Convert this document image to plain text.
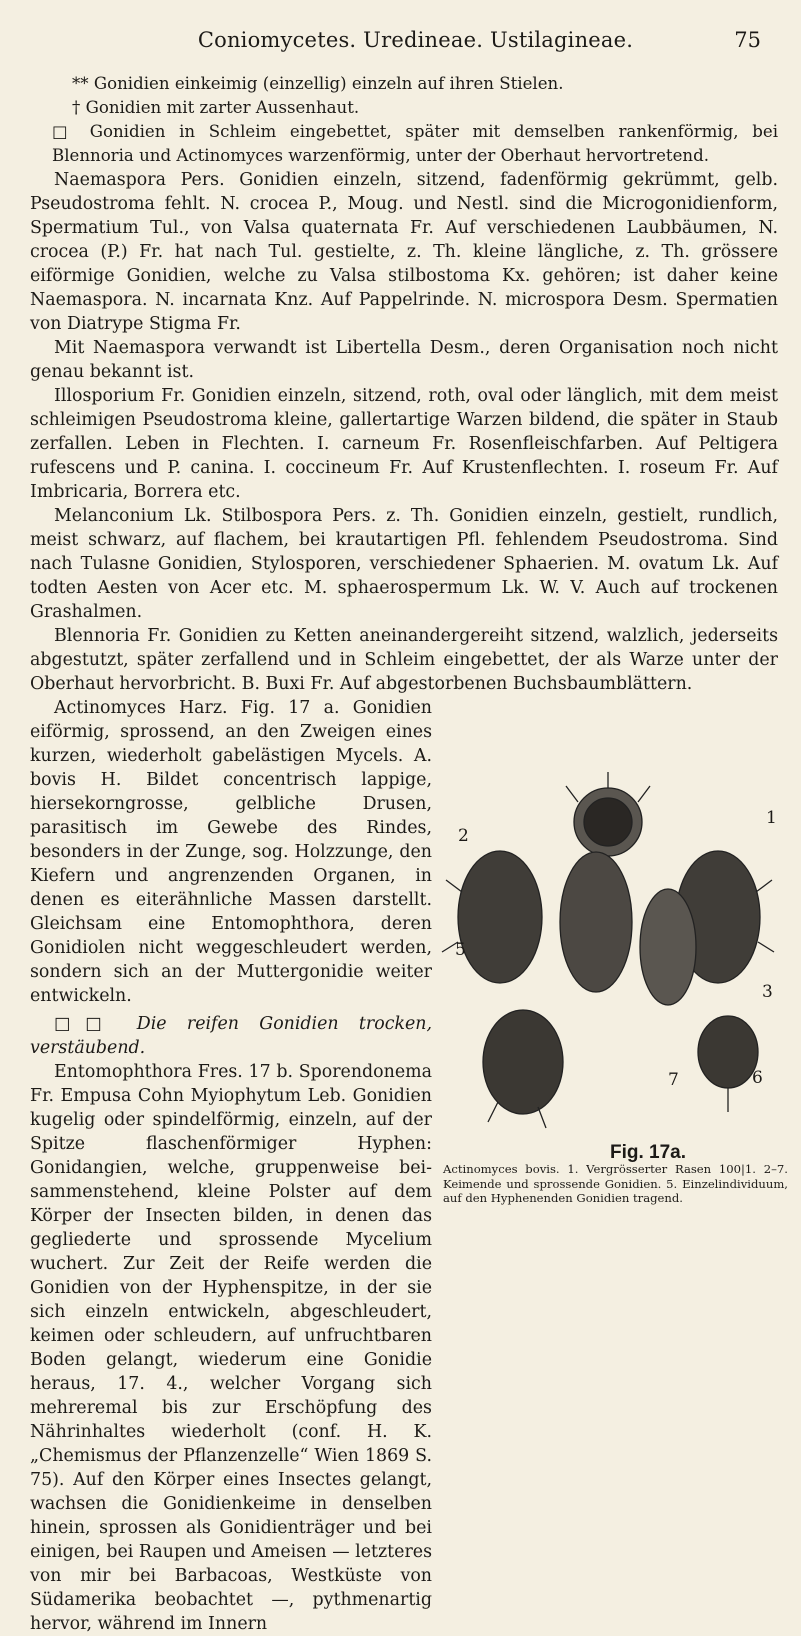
Coniomycetes. Uredineae. Ustilagineae.	75

** Gonidien einkeimig (einzellig) einzeln auf ihren Stielen.

† Gonidien mit zarter Aussenhaut.

□ Gonidien in Schleim eingebettet, später mit demselben rankenförmig, bei Blennoria und Actinomyces warzenförmig, unter der Oberhaut hervortretend.

Naemaspora Pers. Gonidien einzeln, sitzend, fadenförmig gekrümmt, gelb. Pseudostroma fehlt. N. crocea P., Moug. und Nestl. sind die Microgonidienform, Spermatium Tul., von Valsa quaternata Fr. Auf verschiedenen Laubbäumen, N. crocea (P.) Fr. hat nach Tul. gestielte, z. Th. kleine längliche, z. Th. grössere eiförmige Gonidien, welche zu Valsa stilbostoma Kx. gehören; ist daher keine Naemaspora. N. incarnata Knz. Auf Pappelrinde. N. microspora Desm. Spermatien von Diatrype Stigma Fr.

Mit Naemaspora verwandt ist Libertella Desm., deren Organisation noch nicht genau bekannt ist.

Illosporium Fr. Gonidien einzeln, sitzend, roth, oval oder länglich, mit dem meist schleimigen Pseudostroma kleine, gallertartige Warzen bildend, die später in Staub zerfallen. Leben in Flechten. I. carneum Fr. Rosenfleischfarben. Auf Peltigera rufescens und P. canina. I. coccineum Fr. Auf Krustenflechten. I. roseum Fr. Auf Imbricaria, Borrera etc.

Melanconium Lk. Stilbospora Pers. z. Th. Gonidien einzeln, gestielt, rundlich, meist schwarz, auf flachem, bei krautartigen Pfl. fehlendem Pseudostroma. Sind nach Tulasne Gonidien, Stylosporen, verschiedener Sphaerien. M. ovatum Lk. Auf todten Aesten von Acer etc. M. sphaerospermum Lk. W. V. Auch auf trockenen Grashalmen.

Blennoria Fr. Gonidien zu Ketten aneinandergereiht sitzend, walzlich, jederseits abgestutzt, später zerfallend und in Schleim eingebettet, der als Warze unter der Oberhaut hervorbricht. B. Buxi Fr. Auf abgestorbenen Buchsbaumblättern.

Actinomyces Harz. Fig. 17 a. Gonidien eiförmig, sprossend, an den Zweigen eines kurzen, wiederholt gabelästigen Mycels. A. bovis H. Bildet concentrisch lappige, hiersekorngrosse, gelbliche Drusen, parasitisch im Gewebe des Rindes, besonders in der Zunge, sog. Holzzunge, den Kiefern und angrenzenden Organen, in denen es eiterähnliche Massen darstellt. Gleichsam eine Entomophthora, deren Gonidiolen nicht weggeschleudert werden, sondern sich an der Muttergonidie weiter entwickeln.

□□ Die reifen Gonidien trocken, verstäubend.

Entomophthora Fres. 17 b. Sporendonema Fr. Empusa Cohn Myiophytum Leb. Gonidien kugelig oder spindelförmig, einzeln, auf der Spitze flaschenförmiger Hyphen: Gonidangien, welche, gruppenweise bei- sammenstehend, kleine Polster auf dem Körper der Insecten bilden, in denen das gegliederte und sprossende Mycelium wuchert. Zur Zeit der Reife werden die Gonidien von der Hyphenspitze, in der sie sich einzeln entwickeln, abgeschleudert, keimen oder schleudern, auf unfruchtbaren Boden gelangt, wiederum eine Gonidie heraus, 17. 4., welcher Vorgang sich mehreremal bis zur Erschöpfung des Nährinhaltes wiederholt (conf. H. K. „Chemismus der Pflanzenzelle“ Wien 1869 S. 75). Auf den Körper eines Insectes gelangt, wachsen die Gonidienkeime in denselben hinein, sprossen als Gonidienträger und bei einigen, bei Raupen und Ameisen — letzteres von mir bei Barbacoas, Westküste von Südamerika beobachtet —, pythmenartig hervor, während im Innern

1
2
3
4
5
6
7
Fig. 17a.
Actinomyces bovis. 1. Vergrösserter Rasen 100|1. 2–7. Keimende und sprossende Gonidien. 5. Einzelindividuum, auf den Hyphenenden Gonidien tragend.
